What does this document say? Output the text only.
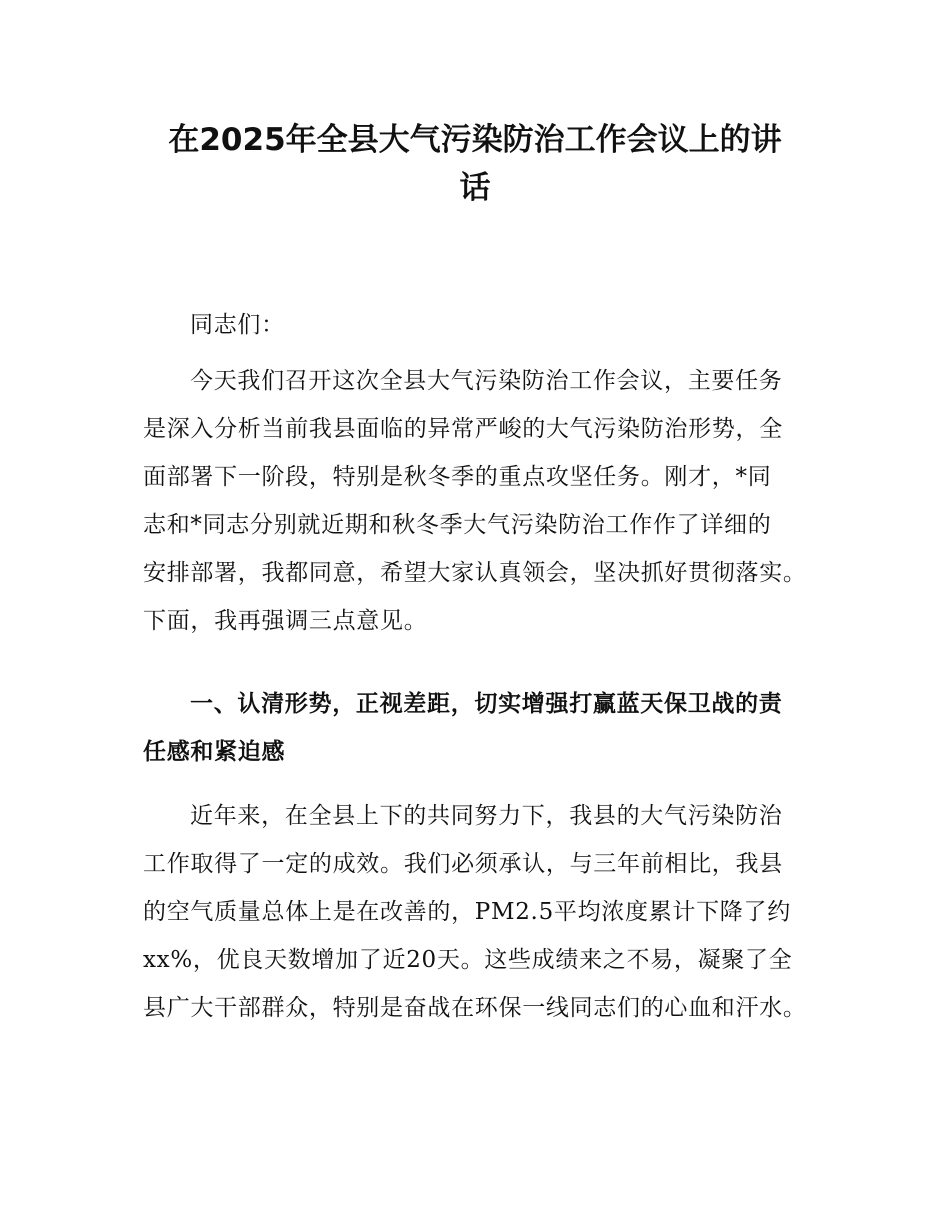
在2025年全县大气污染防治工作会议上的讲
话
同志们：
今天我们召开这次全县大气污染防治工作会议，主要任务
是深入分析当前我县面临的异常严峻的大气污染防治形势，全
面部署下一阶段，特别是秋冬季的重点攻坚任务。刚才，*同
志和*同志分别就近期和秋冬季大气污染防治工作作了详细的
安排部署，我都同意，希望大家认真领会，坚决抓好贯彻落实。
下面，我再强调三点意见。
一、认清形势，正视差距，切实增强打赢蓝天保卫战的责
任感和紧迫感
近年来，在全县上下的共同努力下，我县的大气污染防治
工作取得了一定的成效。我们必须承认，与三年前相比，我县
的空气质量总体上是在改善的，PM2.5平均浓度累计下降了约
xx%，优良天数增加了近20天。这些成绩来之不易，凝聚了全
县广大干部群众，特别是奋战在环保一线同志们的心血和汗水。
